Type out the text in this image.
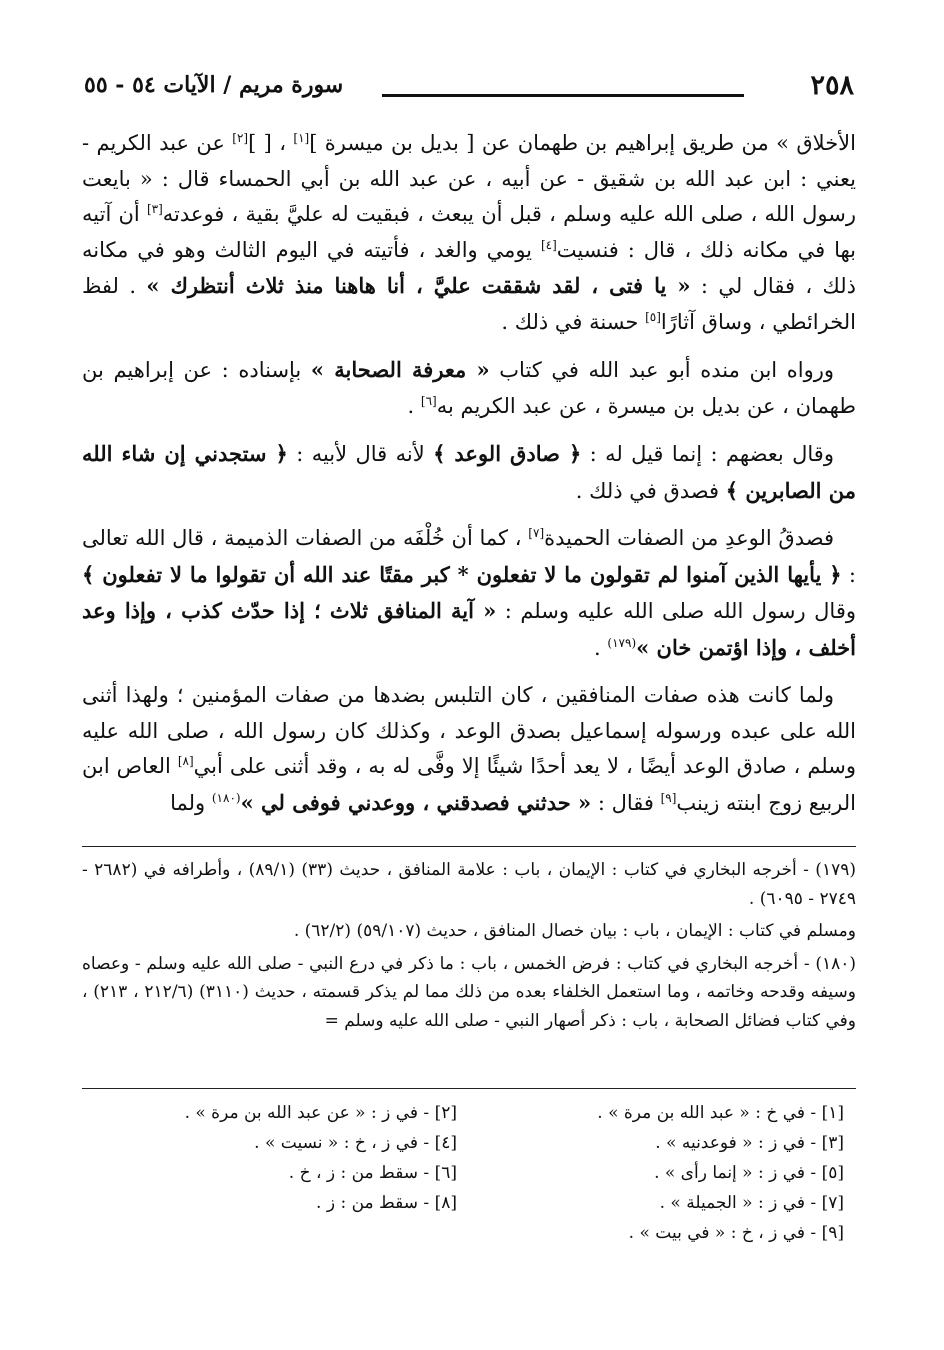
٢٥٨
سورة مريم / الآيات ٥٤ - ٥٥

الأخلاق » من طريق إبراهيم بن طهمان عن [ بديل بن ميسرة ][١] ، [ ][٢] عن عبد الكريم - يعني : ابن عبد الله بن شقيق - عن أبيه ، عن عبد الله بن أبي الحمساء قال : « بايعت رسول الله ، صلى الله عليه وسلم ، قبل أن يبعث ، فبقيت له عليَّ بقية ، فوعدته[٣] أن آتيه بها في مكانه ذلك ، قال : فنسيت[٤] يومي والغد ، فأتيته في اليوم الثالث وهو في مكانه ذلك ، فقال لي : « يا فتى ، لقد شققت عليَّ ، أنا هاهنا منذ ثلاث أنتظرك » . لفظ الخرائطي ، وساق آثارًا[٥] حسنة في ذلك .

ورواه ابن منده أبو عبد الله في كتاب « معرفة الصحابة » بإسناده : عن إبراهيم بن طهمان ، عن بديل بن ميسرة ، عن عبد الكريم به[٦] .

وقال بعضهم : إنما قيل له : ﴿ صادق الوعد ﴾ لأنه قال لأبيه : ﴿ ستجدني إن شاء الله من الصابرين ﴾ فصدق في ذلك .

فصدقُ الوعدِ من الصفات الحميدة[٧] ، كما أن خُلْفَه من الصفات الذميمة ، قال الله تعالى : ﴿ يأيها الذين آمنوا لم تقولون ما لا تفعلون * كبر مقتًا عند الله أن تقولوا ما لا تفعلون ﴾ وقال رسول الله صلى الله عليه وسلم : « آية المنافق ثلاث ؛ إذا حدّث كذب ، وإذا وعد أخلف ، وإذا اؤتمن خان »$^{(١٧٩)}$ .

ولما كانت هذه صفات المنافقين ، كان التلبس بضدها من صفات المؤمنين ؛ ولهذا أثنى الله على عبده ورسوله إسماعيل بصدق الوعد ، وكذلك كان رسول الله ، صلى الله عليه وسلم ، صادق الوعد أيضًا ، لا يعد أحدًا شيئًا إلا وفَّى له به ، وقد أثنى على أبي[٨] العاص ابن الربيع زوج ابنته زينب[٩] فقال : « حدثني فصدقني ، ووعدني فوفى لي »$^{(١٨٠)}$ ولما

(١٧٩) - أخرجه البخاري في كتاب : الإيمان ، باب : علامة المنافق ، حديث (٣٣) (٨٩/١) ، وأطرافه في (٢٦٨٢ - ٢٧٤٩ - ٦٠٩٥) .

ومسلم في كتاب : الإيمان ، باب : بيان خصال المنافق ، حديث (٥٩/١٠٧) (٦٢/٢) .

(١٨٠) - أخرجه البخاري في كتاب : فرض الخمس ، باب : ما ذكر في درع النبي - صلى الله عليه وسلم - وعصاه وسيفه وقدحه وخاتمه ، وما استعمل الخلفاء بعده من ذلك مما لم يذكر قسمته ، حديث (٣١١٠) (٢١٢/٦ ، ٢١٣) ، وفي كتاب فضائل الصحابة ، باب : ذكر أصهار النبي - صلى الله عليه وسلم =

[١] - في خ : « عبد الله بن مرة » .
[٢] - في ز : « عن عبد الله بن مرة » .
[٣] - في ز : « فوعدنيه » .
[٤] - في ز ، خ : « نسيت » .
[٥] - في ز : « إنما رأى » .
[٦] - سقط من : ز ، خ .
[٧] - في ز : « الجميلة » .
[٨] - سقط من : ز .
[٩] - في ز ، خ : « في بيت » .
